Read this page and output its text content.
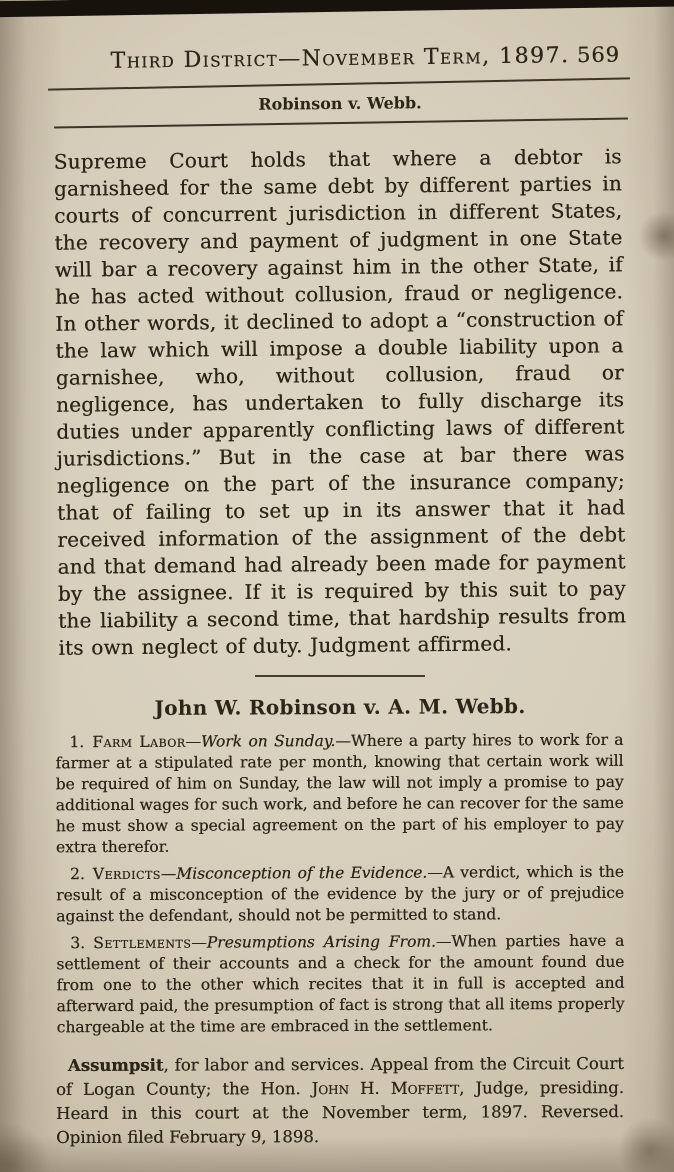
Third District—November Term, 1897. 569
Robinson v. Webb.

Supreme Court holds that where a debtor is garnisheed for the same debt by different parties in courts of concurrent jurisdiction in different States, the recovery and payment of judgment in one State will bar a recovery against him in the other State, if he has acted without collusion, fraud or negligence. In other words, it declined to adopt a “construction of the law which will impose a double liability upon a garnishee, who, without collusion, fraud or negligence, has undertaken to fully discharge its duties under apparently conflicting laws of different jurisdictions.” But in the case at bar there was negligence on the part of the insurance company; that of failing to set up in its answer that it had received information of the assignment of the debt and that demand had already been made for payment by the assignee. If it is required by this suit to pay the liability a second time, that hardship results from its own neglect of duty. Judgment affirmed.

John W. Robinson v. A. M. Webb.

1. Farm Labor—Work on Sunday.—Where a party hires to work for a farmer at a stipulated rate per month, knowing that certain work will be required of him on Sunday, the law will not imply a promise to pay additional wages for such work, and before he can recover for the same he must show a special agreement on the part of his employer to pay extra therefor.

2. Verdicts—Misconception of the Evidence.—A verdict, which is the result of a misconception of the evidence by the jury or of prejudice against the defendant, should not be permitted to stand.

3. Settlements—Presumptions Arising From.—When parties have a settlement of their accounts and a check for the amount found due from one to the other which recites that it in full is accepted and afterward paid, the presumption of fact is strong that all items properly chargeable at the time are embraced in the settlement.

Assumpsit, for labor and services. Appeal from the Circuit Court of Logan County; the Hon. John H. Moffett, Judge, presiding. Heard in this court at the November term, 1897. Reversed. Opinion filed February 9, 1898.
